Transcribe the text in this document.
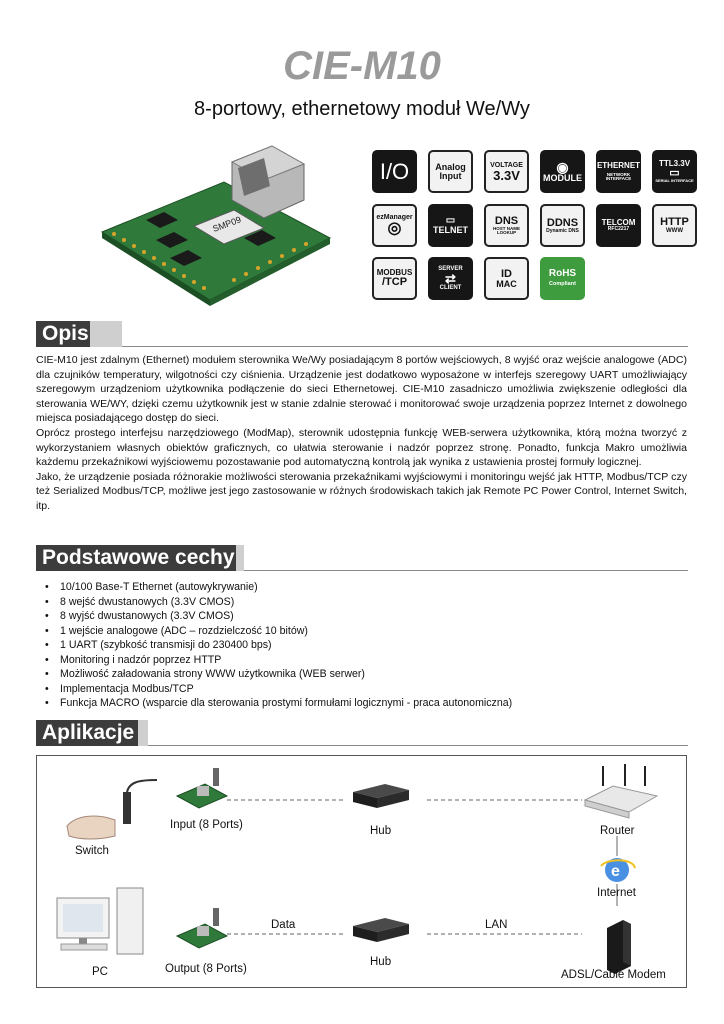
CIE-M10
8-portowy, ethernetowy moduł We/Wy
SMP09
I/O	Analog
Input
VOLTAGE
3.3V	◉
MODULE
ETHERNET
NETWORK INTERFACE
TTL3.3V
▭
SERIAL INTERFACE
ezManager
◎	▭
TELNET
DNS
HOST NAME LOOKUP
DDNS
Dynamic DNS
TELCOM
RFC2217
HTTP
WWW
MODBUS
/TCP
SERVER
⇄
CLIENT
ID
MAC
RoHS
Compliant
Opis

CIE-M10 jest zdalnym (Ethernet) modułem sterownika We/Wy posiadającym 8 portów wejściowych, 8 wyjść oraz wejście analogowe (ADC) dla czujników temperatury, wilgotności czy ciśnienia. Urządzenie jest dodatkowo wyposażone w interfejs szeregowy UART umożliwiający szeregowym urządzeniom użytkownika podłączenie do sieci Ethernetowej. CIE-M10 zasadniczo umożliwia zwiększenie odległości dla sterowania WE/WY, dzięki czemu użytkownik jest w stanie zdalnie sterować i monitorować swoje urządzenia poprzez Internet z dowolnego miejsca posiadającego dostęp do sieci.

Oprócz prostego interfejsu narzędziowego (ModMap), sterownik udostępnia funkcję WEB-serwera użytkownika, którą można tworzyć z wykorzystaniem własnych obiektów graficznych, co ułatwia sterowanie i nadzór poprzez stronę. Ponadto, funkcja Makro umożliwia każdemu przekaźnikowi wyjściowemu pozostawanie pod automatyczną kontrolą jak wynika z ustawienia prostej formuły logicznej.

Jako, że urządzenie posiada różnorakie możliwości sterowania przekaźnikami wyjściowymi i monitoringu wejść jak HTTP, Modbus/TCP czy też Serialized Modbus/TCP, możliwe jest jego zastosowanie w różnych środowiskach takich jak Remote PC Power Control, Internet Switch, itp.

Podstawowe cechy
• 10/100 Base-T Ethernet (autowykrywanie)
• 8 wejść dwustanowych (3.3V CMOS)
• 8 wyjść dwustanowych (3.3V CMOS)
• 1 wejście analogowe (ADC – rozdzielczość 10 bitów)
• 1 UART (szybkość transmisji do 230400 bps)
• Monitoring i nadzór poprzez HTTP
• Możliwość załadowania strony WWW użytkownika (WEB serwer)
• Implementacja Modbus/TCP
• Funkcja MACRO (wsparcie dla sterowania prostymi formułami logicznymi - praca autonomiczna)
Aplikacje
e
Switch
Input (8 Ports)	Hub	Router
Internet
PC	Output (8 Ports)
Data
Hub
LAN
ADSL/Cable Modem
